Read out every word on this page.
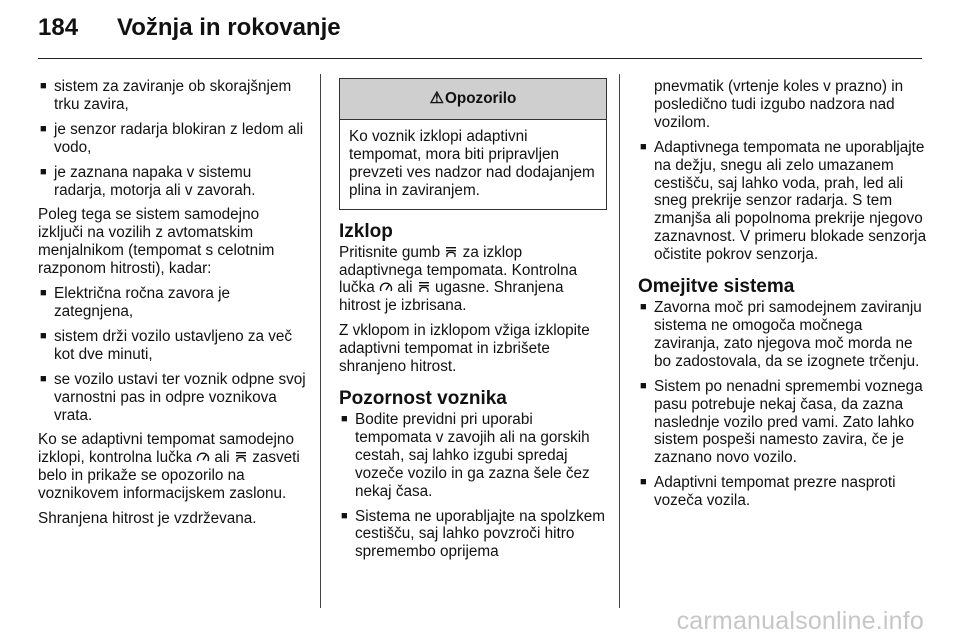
184 Vožnja in rokovanje
■ sistem za zaviranje ob skorajšnjem trku zavira,
■ je senzor radarja blokiran z ledom ali vodo,
■ je zaznana napaka v sistemu radarja, motorja ali v zavorah.

Poleg tega se sistem samodejno izključi na vozilih z avtomatskim menjalnikom (tempomat s celotnim razponom hitrosti), kadar:

■ Električna ročna zavora je zategnjena,
■ sistem drži vozilo ustavljeno za več kot dve minuti,
■ se vozilo ustavi ter voznik odpne svoj varnostni pas in odpre voznikova vrata.

Ko se adaptivni tempomat samodejno izklopi, kontrolna lučka ali zasveti belo in prikaže se opozorilo na voznikovem informacijskem zaslonu.

Shranjena hitrost je vzdrževana.

⚠Opozorilo
Ko voznik izklopi adaptivni tempomat, mora biti pripravljen prevzeti ves nadzor nad dodajanjem plina in zaviranjem.
Izklop

Pritisnite gumb za izklop adaptivnega tempomata. Kontrolna lučka ali ugasne. Shranjena hitrost je izbrisana.

Z vklopom in izklopom vžiga izklopite adaptivni tempomat in izbrišete shranjeno hitrost.

Pozornost voznika
■ Bodite previdni pri uporabi tempomata v zavojih ali na gorskih cestah, saj lahko izgubi spredaj vozeče vozilo in ga zazna šele čez nekaj časa.
■ Sistema ne uporabljajte na spolzkem cestišču, saj lahko povzroči hitro spremembo oprijema

pnevmatik (vrtenje koles v prazno) in posledično tudi izgubo nadzora nad vozilom.

■ Adaptivnega tempomata ne uporabljajte na dežju, snegu ali zelo umazanem cestišču, saj lahko voda, prah, led ali sneg prekrije senzor radarja. S tem zmanjša ali popolnoma prekrije njegovo zaznavnost. V primeru blokade senzorja očistite pokrov senzorja.
Omejitve sistema
■ Zavorna moč pri samodejnem zaviranju sistema ne omogoča močnega zaviranja, zato njegova moč morda ne bo zadostovala, da se izognete trčenju.
■ Sistem po nenadni spremembi voznega pasu potrebuje nekaj časa, da zazna naslednje vozilo pred vami. Zato lahko sistem pospeši namesto zavira, če je zaznano novo vozilo.
■ Adaptivni tempomat prezre nasproti vozeča vozila.
carmanualsonline.info
